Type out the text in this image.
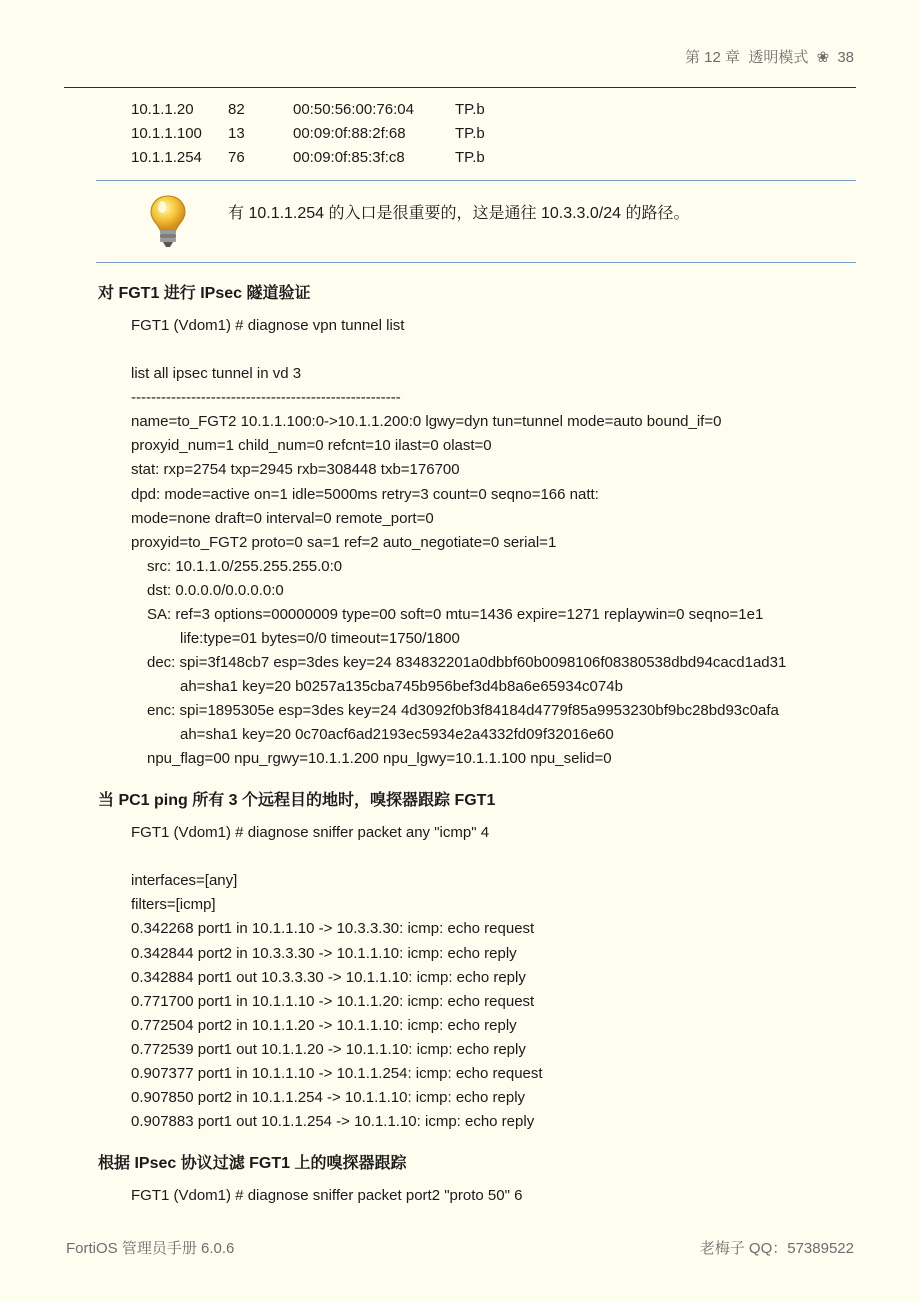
第 12 章 透明模式 ❀ 38
10.1.1.20 82	00:50:56:00:76:04	TP.b
10.1.1.100 13	00:09:0f:88:2f:68	TP.b
10.1.1.254 76	00:09:0f:85:3f:c8	TP.b
有 10.1.1.254 的入口是很重要的，这是通往 10.3.3.0/24 的路径。
对 FGT1 进行 IPsec 隧道验证
FGT1 (Vdom1) # diagnose vpn tunnel list
list all ipsec tunnel in vd 3
------------------------------------------------------
name=to_FGT2 10.1.1.100:0->10.1.1.200:0 lgwy=dyn tun=tunnel mode=auto bound_if=0
proxyid_num=1 child_num=0 refcnt=10 ilast=0 olast=0
stat: rxp=2754 txp=2945 rxb=308448 txb=176700
dpd: mode=active on=1 idle=5000ms retry=3 count=0 seqno=166 natt:
mode=none draft=0 interval=0 remote_port=0
proxyid=to_FGT2 proto=0 sa=1 ref=2 auto_negotiate=0 serial=1
src: 10.1.1.0/255.255.255.0:0
dst: 0.0.0.0/0.0.0.0:0
SA: ref=3 options=00000009 type=00 soft=0 mtu=1436 expire=1271 replaywin=0 seqno=1e1
life:type=01 bytes=0/0 timeout=1750/1800
dec: spi=3f148cb7 esp=3des key=24 834832201a0dbbf60b0098106f08380538dbd94cacd1ad31
ah=sha1 key=20 b0257a135cba745b956bef3d4b8a6e65934c074b
enc: spi=1895305e esp=3des key=24 4d3092f0b3f84184d4779f85a9953230bf9bc28bd93c0afa
ah=sha1 key=20 0c70acf6ad2193ec5934e2a4332fd09f32016e60
npu_flag=00 npu_rgwy=10.1.1.200 npu_lgwy=10.1.1.100 npu_selid=0
当 PC1 ping 所有 3 个远程目的地时，嗅探器跟踪 FGT1
FGT1 (Vdom1) # diagnose sniffer packet any "icmp" 4
interfaces=[any]
filters=[icmp]
0.342268 port1 in 10.1.1.10 -> 10.3.3.30: icmp: echo request
0.342844 port2 in 10.3.3.30 -> 10.1.1.10: icmp: echo reply
0.342884 port1 out 10.3.3.30 -> 10.1.1.10: icmp: echo reply
0.771700 port1 in 10.1.1.10 -> 10.1.1.20: icmp: echo request
0.772504 port2 in 10.1.1.20 -> 10.1.1.10: icmp: echo reply
0.772539 port1 out 10.1.1.20 -> 10.1.1.10: icmp: echo reply
0.907377 port1 in 10.1.1.10 -> 10.1.1.254: icmp: echo request
0.907850 port2 in 10.1.1.254 -> 10.1.1.10: icmp: echo reply
0.907883 port1 out 10.1.1.254 -> 10.1.1.10: icmp: echo reply
根据 IPsec 协议过滤 FGT1 上的嗅探器跟踪
FGT1 (Vdom1) # diagnose sniffer packet port2 "proto 50" 6
FortiOS 管理员手册 6.0.6	老梅子 QQ：57389522
